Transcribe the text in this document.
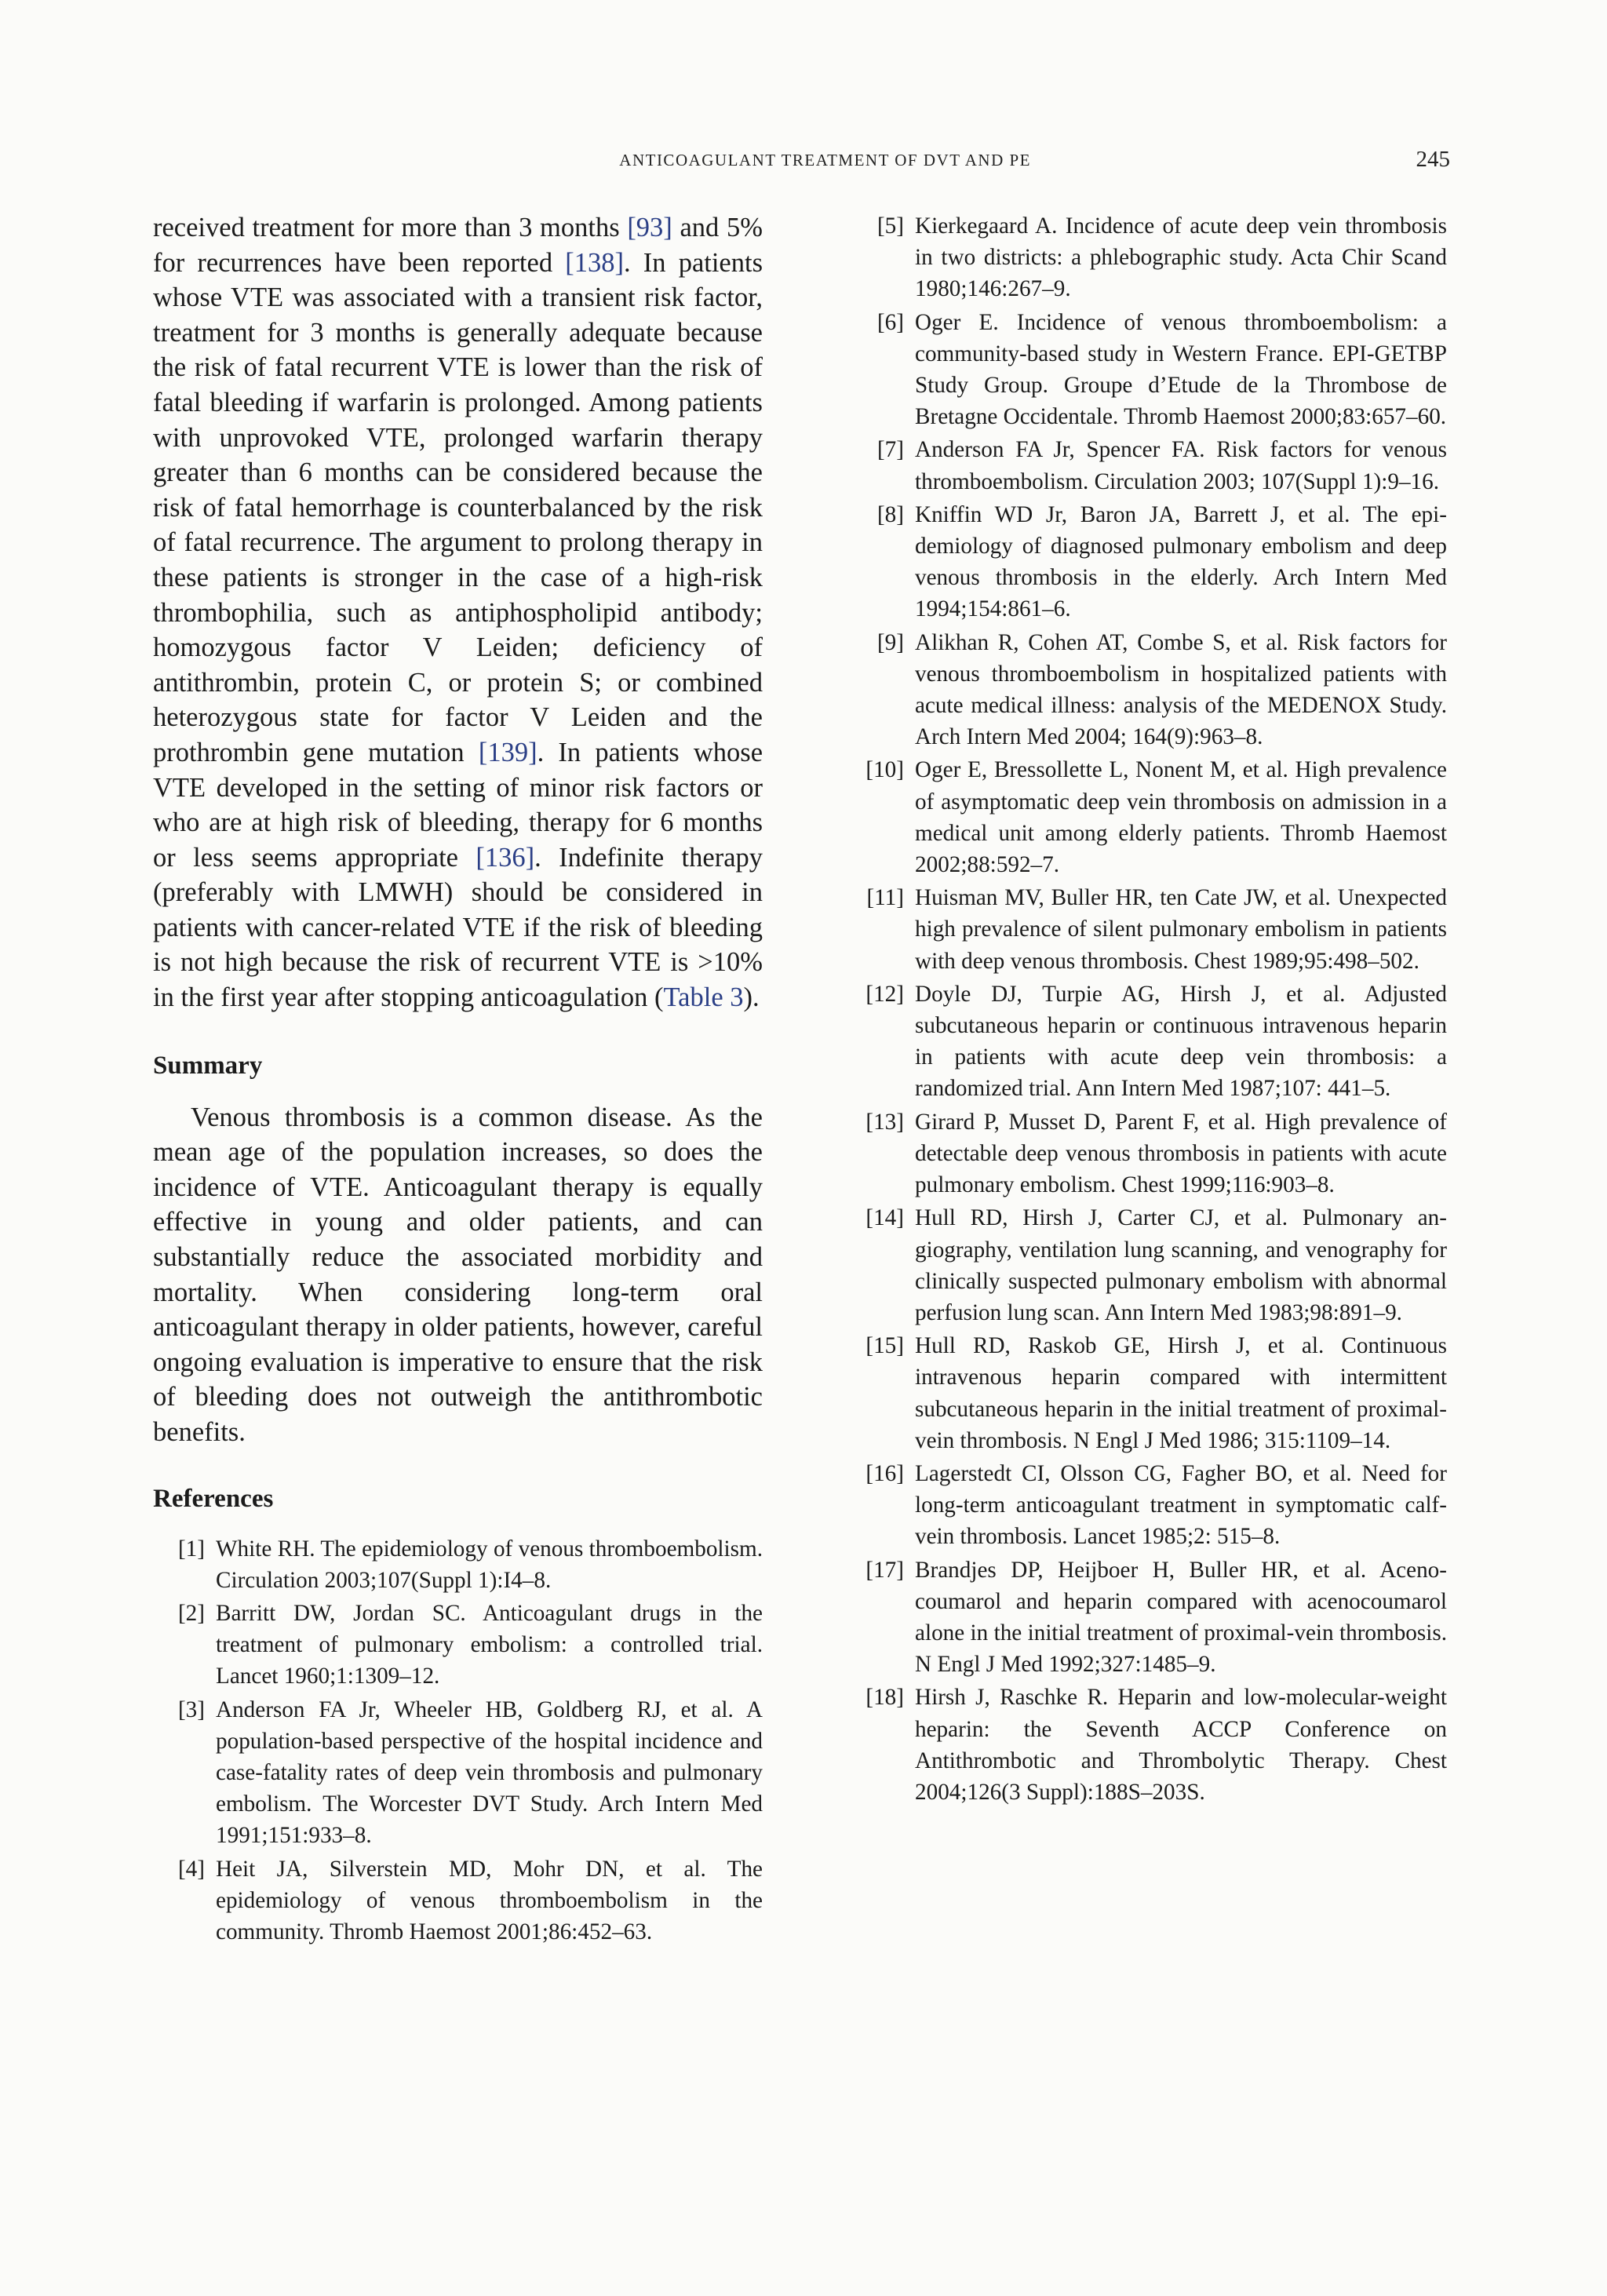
ANTICOAGULANT TREATMENT OF DVT AND PE	245

received treatment for more than 3 months [93] and 5% for recurrences have been reported [138]. In patients whose VTE was associated with a transient risk factor, treatment for 3 months is generally adequate because the risk of fatal recurrent VTE is lower than the risk of fatal bleeding if warfarin is prolonged. Among patients with unprovoked VTE, prolonged warfarin therapy greater than 6 months can be considered because the risk of fatal hemorrhage is counterbalanced by the risk of fatal recurrence. The argument to prolong therapy in these patients is stronger in the case of a high-risk thrombophilia, such as antiphospholipid antibody; homozygous factor V Leiden; deficiency of antithrombin, protein C, or protein S; or combined heterozygous state for factor V Leiden and the prothrombin gene mutation [139]. In patients whose VTE developed in the setting of minor risk factors or who are at high risk of bleeding, therapy for 6 months or less seems appropriate [136]. Indefinite therapy (preferably with LMWH) should be considered in patients with cancer-related VTE if the risk of bleeding is not high because the risk of recurrent VTE is >10% in the first year after stopping anticoagulation (Table 3).

Summary

Venous thrombosis is a common disease. As the mean age of the population increases, so does the incidence of VTE. Anticoagulant therapy is equally effective in young and older patients, and can substantially reduce the associated morbidity and mortality. When considering long-term oral anticoagulant therapy in older patients, however, careful ongoing evaluation is imperative to ensure that the risk of bleeding does not outweigh the antithrombotic benefits.

References
[1] White RH. The epidemiology of venous thromboembolism. Circulation 2003;107(Suppl 1):I4–8.
[2] Barritt DW, Jordan SC. Anticoagulant drugs in the treatment of pulmonary embolism: a controlled trial. Lancet 1960;1:1309–12.
[3] Anderson FA Jr, Wheeler HB, Goldberg RJ, et al. A population-based perspective of the hospital incidence and case-fatality rates of deep vein thrombosis and pulmonary embolism. The Worcester DVT Study. Arch Intern Med 1991;151:933–8.
[4] Heit JA, Silverstein MD, Mohr DN, et al. The epidemiology of venous thromboembolism in the community. Thromb Haemost 2001;86:452–63.
[5] Kierkegaard A. Incidence of acute deep vein thrombosis in two districts: a phlebographic study. Acta Chir Scand 1980;146:267–9.
[6] Oger E. Incidence of venous thromboembolism: a community-based study in Western France. EPI-GETBP Study Group. Groupe d’Etude de la Thrombose de Bretagne Occidentale. Thromb Haemost 2000;83:657–60.
[7] Anderson FA Jr, Spencer FA. Risk factors for venous thromboembolism. Circulation 2003; 107(Suppl 1):9–16.
[8] Kniffin WD Jr, Baron JA, Barrett J, et al. The epidemiology of diagnosed pulmonary embolism and deep venous thrombosis in the elderly. Arch Intern Med 1994;154:861–6.
[9] Alikhan R, Cohen AT, Combe S, et al. Risk factors for venous thromboembolism in hospitalized patients with acute medical illness: analysis of the MEDENOX Study. Arch Intern Med 2004; 164(9):963–8.
[10] Oger E, Bressollette L, Nonent M, et al. High prevalence of asymptomatic deep vein thrombosis on admission in a medical unit among elderly patients. Thromb Haemost 2002;88:592–7.
[11] Huisman MV, Buller HR, ten Cate JW, et al. Unexpected high prevalence of silent pulmonary embolism in patients with deep venous thrombosis. Chest 1989;95:498–502.
[12] Doyle DJ, Turpie AG, Hirsh J, et al. Adjusted subcutaneous heparin or continuous intravenous heparin in patients with acute deep vein thrombosis: a randomized trial. Ann Intern Med 1987;107: 441–5.
[13] Girard P, Musset D, Parent F, et al. High prevalence of detectable deep venous thrombosis in patients with acute pulmonary embolism. Chest 1999;116:903–8.
[14] Hull RD, Hirsh J, Carter CJ, et al. Pulmonary angiography, ventilation lung scanning, and venography for clinically suspected pulmonary embolism with abnormal perfusion lung scan. Ann Intern Med 1983;98:891–9.
[15] Hull RD, Raskob GE, Hirsh J, et al. Continuous intravenous heparin compared with intermittent subcutaneous heparin in the initial treatment of proximal-vein thrombosis. N Engl J Med 1986; 315:1109–14.
[16] Lagerstedt CI, Olsson CG, Fagher BO, et al. Need for long-term anticoagulant treatment in symptomatic calf-vein thrombosis. Lancet 1985;2: 515–8.
[17] Brandjes DP, Heijboer H, Buller HR, et al. Acenocoumarol and heparin compared with acenocoumarol alone in the initial treatment of proximal-vein thrombosis. N Engl J Med 1992;327:1485–9.
[18] Hirsh J, Raschke R. Heparin and low-molecular-weight heparin: the Seventh ACCP Conference on Antithrombotic and Thrombolytic Therapy. Chest 2004;126(3 Suppl):188S–203S.
